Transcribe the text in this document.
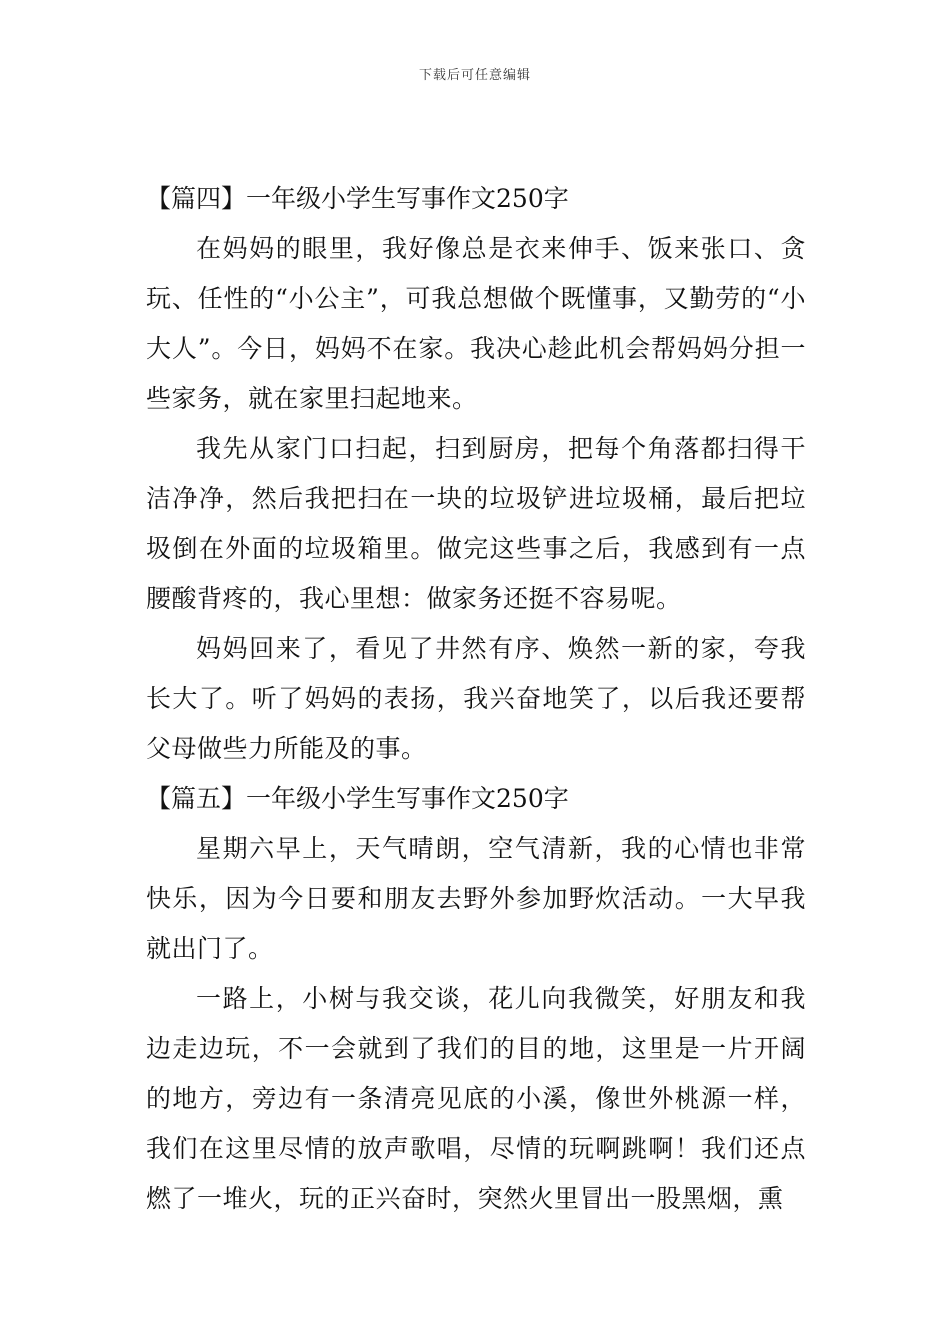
下载后可任意编辑

【篇四】一年级小学生写事作文250字

在妈妈的眼里，我好像总是衣来伸手、饭来张口、贪玩、任性的“小公主”，可我总想做个既懂事，又勤劳的“小大人”。今日，妈妈不在家。我决心趁此机会帮妈妈分担一些家务，就在家里扫起地来。

我先从家门口扫起，扫到厨房，把每个角落都扫得干洁净净，然后我把扫在一块的垃圾铲进垃圾桶，最后把垃圾倒在外面的垃圾箱里。做完这些事之后，我感到有一点腰酸背疼的，我心里想：做家务还挺不容易呢。

妈妈回来了，看见了井然有序、焕然一新的家，夸我长大了。听了妈妈的表扬，我兴奋地笑了，以后我还要帮父母做些力所能及的事。

【篇五】一年级小学生写事作文250字

星期六早上，天气晴朗，空气清新，我的心情也非常快乐，因为今日要和朋友去野外参加野炊活动。一大早我就出门了。

一路上，小树与我交谈，花儿向我微笑，好朋友和我边走边玩，不一会就到了我们的目的地，这里是一片开阔的地方，旁边有一条清亮见底的小溪，像世外桃源一样，我们在这里尽情的放声歌唱，尽情的玩啊跳啊！我们还点燃了一堆火，玩的正兴奋时，突然火里冒出一股黑烟，熏
